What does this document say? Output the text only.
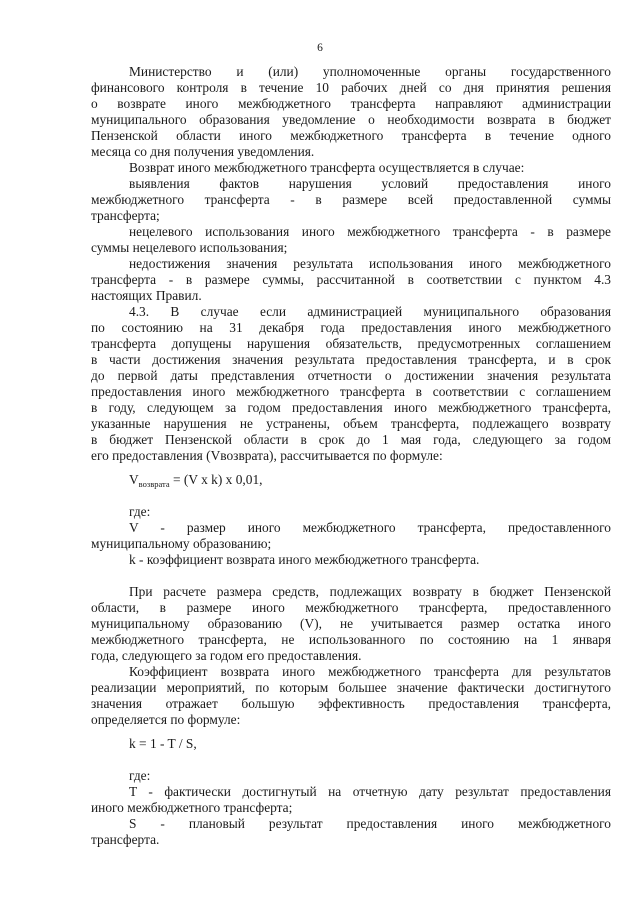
6
Министерство и (или) уполномоченные органы государственного
финансового контроля в течение 10 рабочих дней со дня принятия решения
о возврате иного межбюджетного трансферта направляют администрации
муниципального образования уведомление о необходимости возврата в бюджет
Пензенской области иного межбюджетного трансферта в течение одного
месяца со дня получения уведомления.
Возврат иного межбюджетного трансферта осуществляется в случае:
выявления фактов нарушения условий предоставления иного
межбюджетного трансферта - в размере всей предоставленной суммы
трансферта;
нецелевого использования иного межбюджетного трансферта - в размере
суммы нецелевого использования;
недостижения значения результата использования иного межбюджетного
трансферта - в размере суммы, рассчитанной в соответствии с пунктом 4.3
настоящих Правил.
4.3. В случае если администрацией муниципального образования
по состоянию на 31 декабря года предоставления иного межбюджетного
трансферта допущены нарушения обязательств, предусмотренных соглашением
в части достижения значения результата предоставления трансферта, и в срок
до первой даты представления отчетности о достижении значения результата
предоставления иного межбюджетного трансферта в соответствии с соглашением
в году, следующем за годом предоставления иного межбюджетного трансферта,
указанные нарушения не устранены, объем трансферта, подлежащего возврату
в бюджет Пензенской области в срок до 1 мая года, следующего за годом
его предоставления (Vвозврата), рассчитывается по формуле:
$V_{возврата} = (V$ x k) x 0,01,
где:
V - размер иного межбюджетного трансферта, предоставленного
муниципальному образованию;
k - коэффициент возврата иного межбюджетного трансферта.
При расчете размера средств, подлежащих возврату в бюджет Пензенской
области, в размере иного межбюджетного трансферта, предоставленного
муниципальному образованию (V), не учитывается размер остатка иного
межбюджетного трансферта, не использованного по состоянию на 1 января
года, следующего за годом его предоставления.
Коэффициент возврата иного межбюджетного трансферта для результатов
реализации мероприятий, по которым большее значение фактически достигнутого
значения отражает большую эффективность предоставления трансферта,
определяется по формуле:
k = 1 - T / S,
где:
T - фактически достигнутый на отчетную дату результат предоставления
иного межбюджетного трансферта;
S - плановый результат предоставления иного межбюджетного
трансферта.
